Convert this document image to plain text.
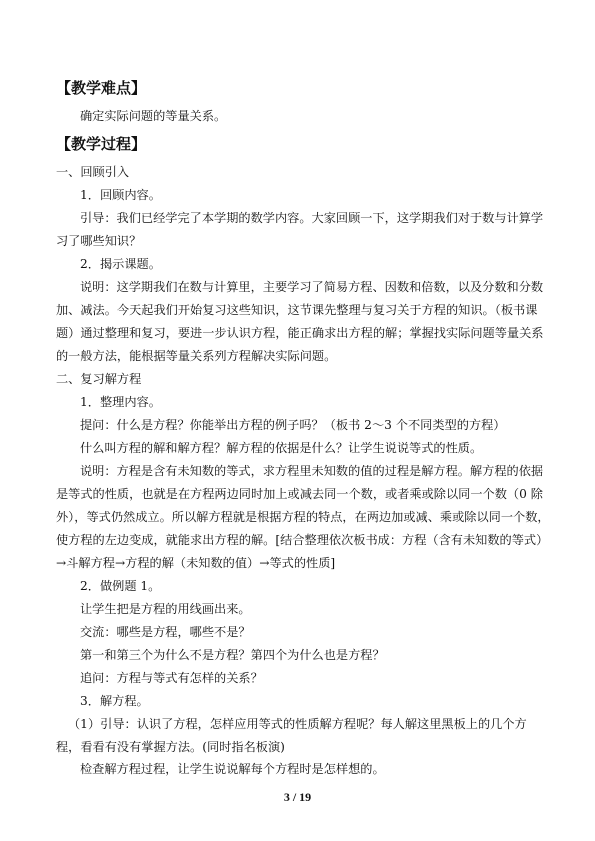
【教学难点】
确定实际问题的等量关系。
【教学过程】
一、回顾引入
1．回顾内容。
引导：我们已经学完了本学期的数学内容。大家回顾一下，这学期我们对于数与计算学
习了哪些知识？
2．揭示课题。
说明：这学期我们在数与计算里，主要学习了简易方程、因数和倍数，以及分数和分数
加、减法。今天起我们开始复习这些知识，这节课先整理与复习关于方程的知识。（板书课
题）通过整理和复习，要进一步认识方程，能正确求出方程的解；掌握找实际问题等量关系
的一般方法，能根据等量关系列方程解决实际问题。
二、复习解方程
1．整理内容。
提问：什么是方程？你能举出方程的例子吗？（板书 2～3 个不同类型的方程）
什么叫方程的解和解方程？解方程的依据是什么？让学生说说等式的性质。
说明：方程是含有未知数的等式，求方程里未知数的值的过程是解方程。解方程的依据
是等式的性质，也就是在方程两边同时加上或减去同一个数，或者乘或除以同一个数（0 除
外），等式仍然成立。所以解方程就是根据方程的特点，在两边加或减、乘或除以同一个数，
使方程的左边变成，就能求出方程的解。[结合整理依次板书成：方程（含有未知数的等式）
→斗解方程→方程的解（未知数的值）→等式的性质]
2．做例题 1。
让学生把是方程的用线画出来。
交流：哪些是方程，哪些不是？
第一和第三个为什么不是方程？第四个为什么也是方程？
追问：方程与等式有怎样的关系？
3．解方程。
（1）引导：认识了方程，怎样应用等式的性质解方程呢？每人解这里黑板上的几个方
程，看看有没有掌握方法。(同时指名板演)
检查解方程过程，让学生说说解每个方程时是怎样想的。
3 / 19
